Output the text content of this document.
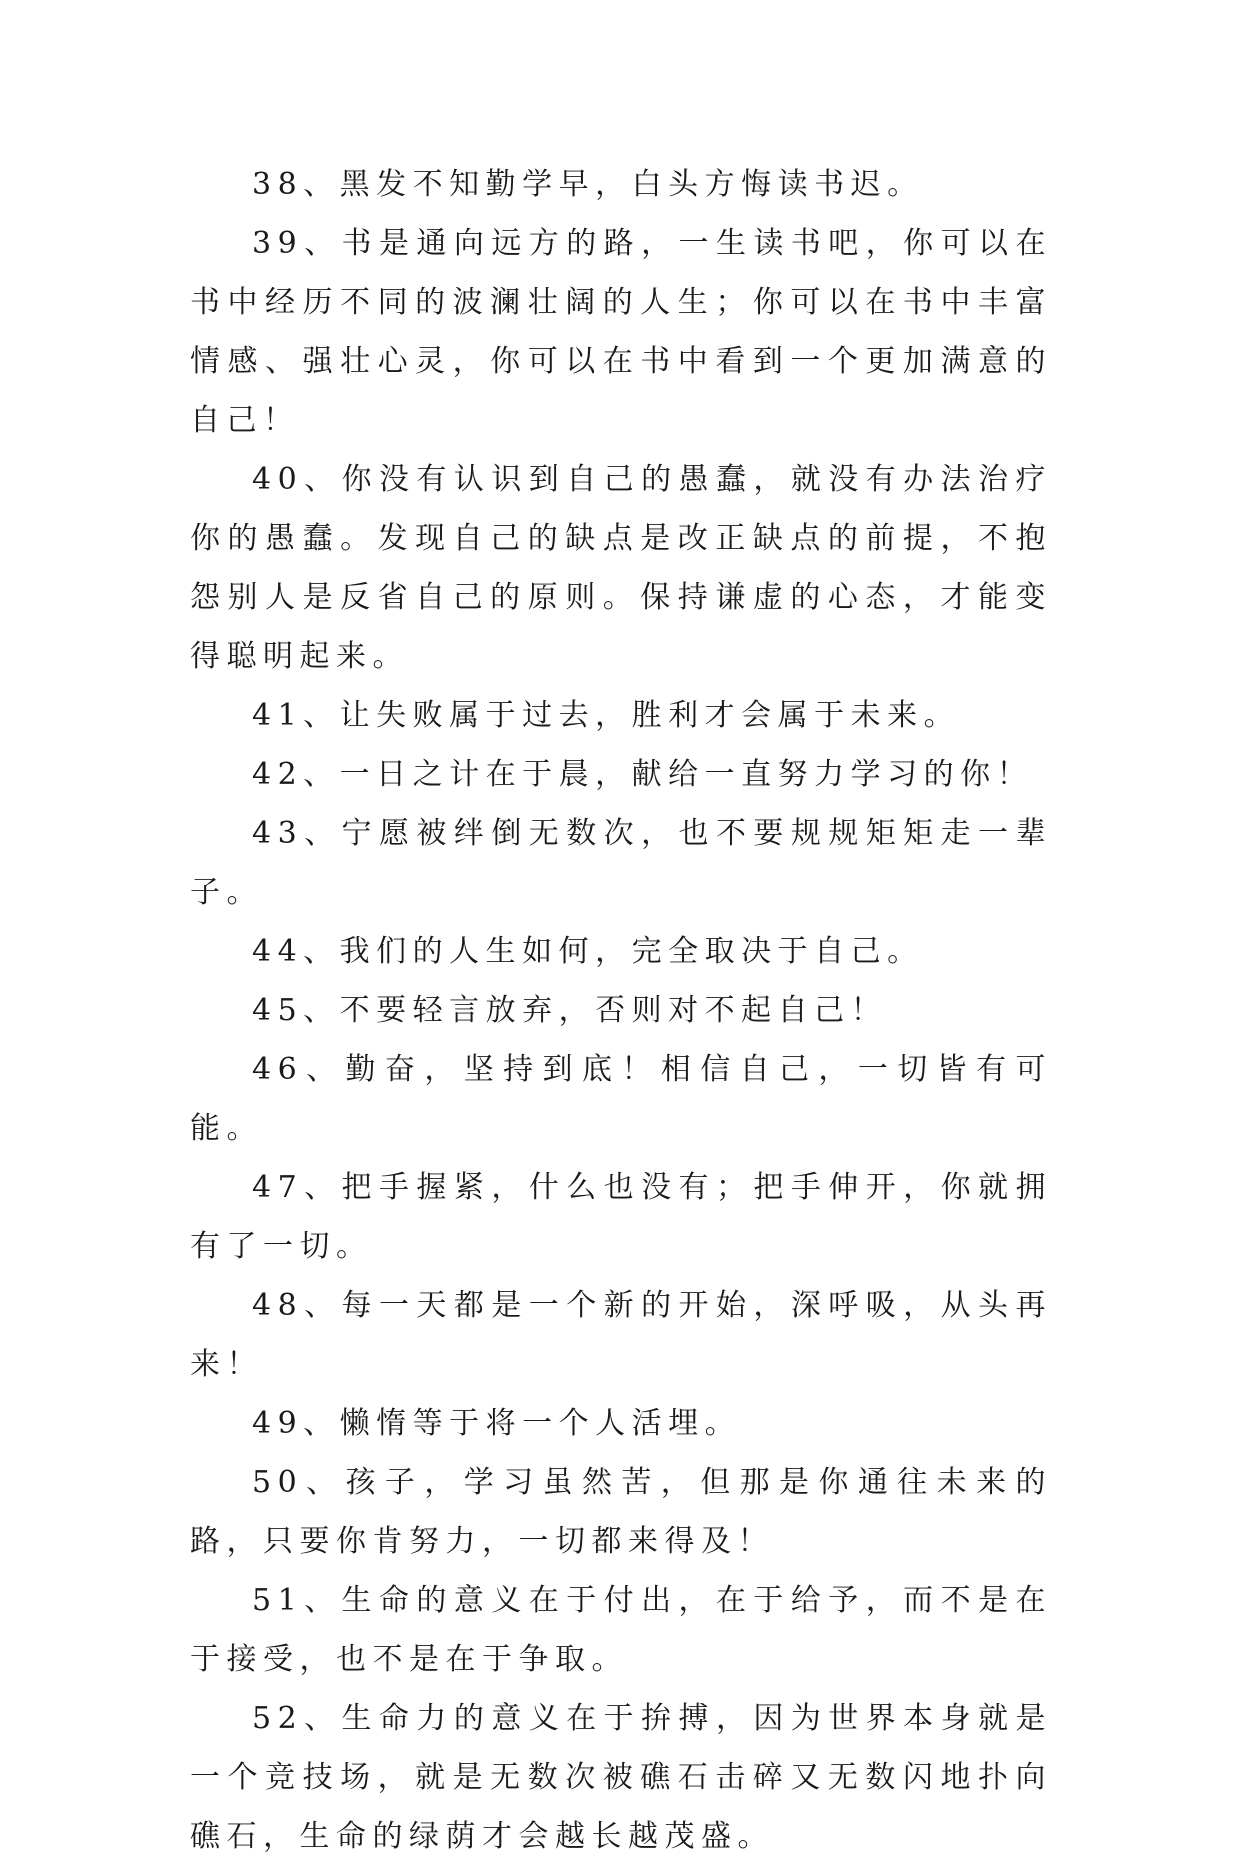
38、黑发不知勤学早，白头方悔读书迟。

39、书是通向远方的路，一生读书吧，你可以在书中经历不同的波澜壮阔的人生；你可以在书中丰富情感、强壮心灵，你可以在书中看到一个更加满意的自己！

40、你没有认识到自己的愚蠢，就没有办法治疗你的愚蠢。发现自己的缺点是改正缺点的前提，不抱怨别人是反省自己的原则。保持谦虚的心态，才能变得聪明起来。

41、让失败属于过去，胜利才会属于未来。

42、一日之计在于晨，献给一直努力学习的你！

43、宁愿被绊倒无数次，也不要规规矩矩走一辈子。

44、我们的人生如何，完全取决于自己。

45、不要轻言放弃，否则对不起自己！

46、勤奋，坚持到底！相信自己，一切皆有可能。

47、把手握紧，什么也没有；把手伸开，你就拥有了一切。

48、每一天都是一个新的开始，深呼吸，从头再来！

49、懒惰等于将一个人活埋。

50、孩子，学习虽然苦，但那是你通往未来的路，只要你肯努力，一切都来得及！

51、生命的意义在于付出，在于给予，而不是在于接受，也不是在于争取。

52、生命力的意义在于拚搏，因为世界本身就是一个竞技场，就是无数次被礁石击碎又无数闪地扑向礁石，生命的绿荫才会越长越茂盛。
